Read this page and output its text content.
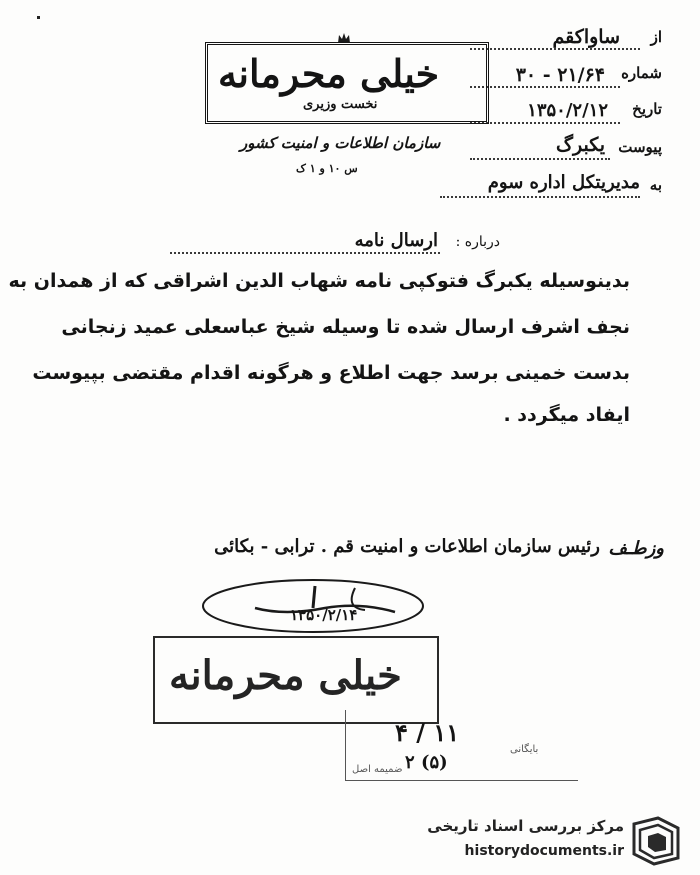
از
ساواکقم
شماره
۲۱/۶۴ - ۳۰
تاریخ
۱۳۵۰/۲/۱۲
پیوست
یکبرگ
به
مدیریتکل اداره سوم
خیلی محرمانه
نخست وزیری
سازمان اطلاعات و امنیت کشور
س ۱۰ و ۱ ک
درباره :
ارسال نامه
بدینوسیله یکبرگ فتوکپی نامه شهاب الدین اشراقی که از همدان به
نجف اشرف ارسال شده تا وسیله شیخ عباسعلی عمید زنجانی
بدست خمینی برسد جهت اطلاع و هرگونه اقدام مقتضی بپیوست
ایفاد میگردد .
وزطـف
رئیس سازمان اطلاعات و امنیت قم . ترابی - بکائی
۱۳۵۰/۲/۱۴
خیلی محرمانه
۱۱ / ۴
(۵) ۲
بایگانی
ضمیمه اصل
مرکز بررسی اسناد تاریخی
historydocuments.ir
